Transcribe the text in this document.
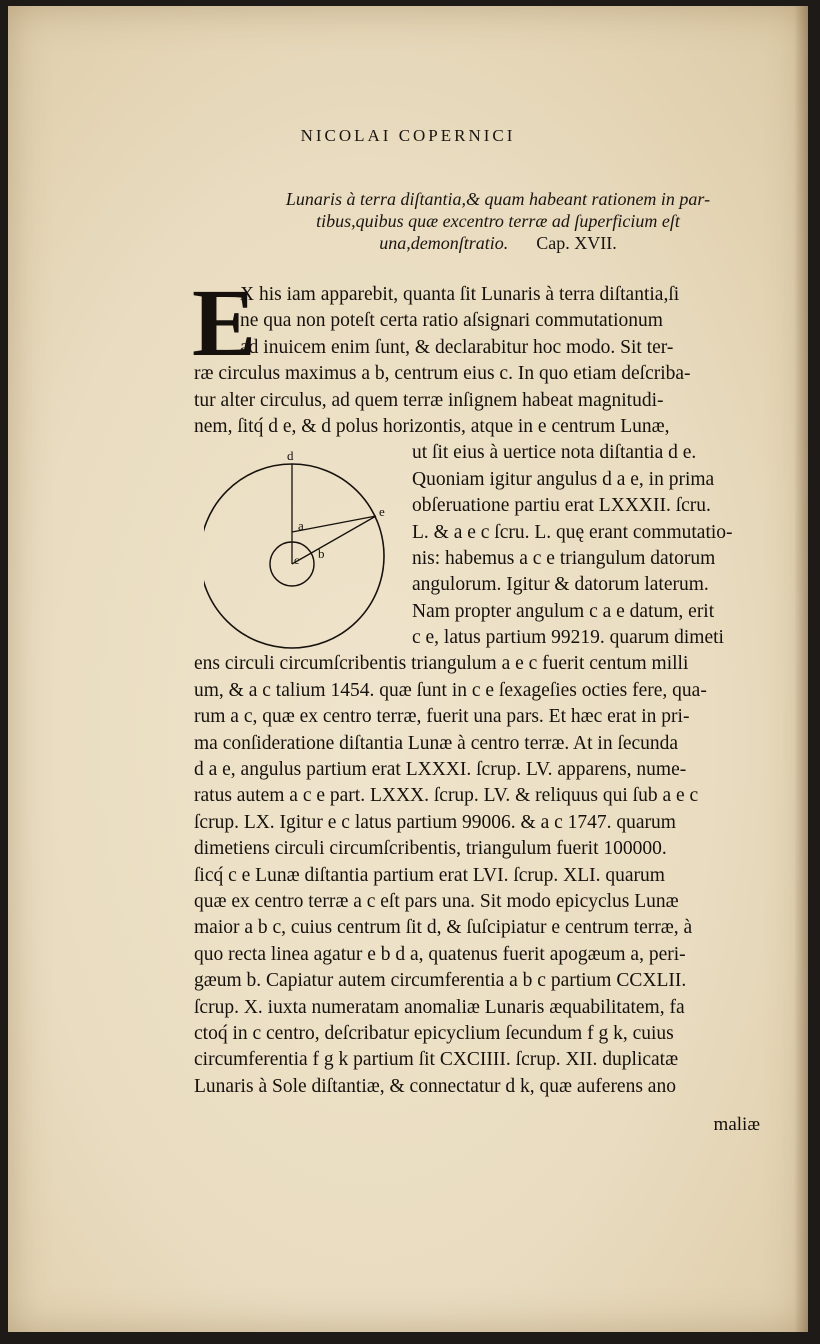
NICOLAI COPERNICI
Lunaris à terra diſtantia,& quam habeant rationem in par-
tibus,quibus quæ excentro terræ ad ſuperficium eſt
una,demonſtratio. Cap. XVII.
E
X his iam apparebit, quanta ſit Lunaris à terra diſtantia,ſi
ne qua non poteſt certa ratio aſsignari commutationum
ad inuicem enim ſunt, & declarabitur hoc modo. Sit ter-
ræ circulus maximus a b, centrum eius c. In quo etiam deſcriba-
tur alter circulus, ad quem terræ inſignem habeat magnitudi-
nem, ſitq́ d e, & d polus horizontis, atque in e centrum Lunæ,
ut ſit eius à uertice nota diſtantia d e.
Quoniam igitur angulus d a e, in prima
obſeruatione partiu erat LXXXII. ſcru.
L. & a e c ſcru. L. quę erant commutatio-
nis: habemus a c e triangulum datorum
angulorum. Igitur & datorum laterum.
Nam propter angulum c a e datum, erit
c e, latus partium 99219. quarum dimeti
ens circuli circumſcribentis triangulum a e c fuerit centum milli
um, & a c talium 1454. quæ ſunt in c e ſexageſies octies fere, qua-
rum a c, quæ ex centro terræ, fuerit una pars. Et hæc erat in pri-
ma conſideratione diſtantia Lunæ à centro terræ. At in ſecunda
d a e, angulus partium erat LXXXI. ſcrup. LV. apparens, nume-
ratus autem a c e part. LXXX. ſcrup. LV. & reliquus qui ſub a e c
ſcrup. LX. Igitur e c latus partium 99006. & a c 1747. quarum
dimetiens circuli circumſcribentis, triangulum fuerit 100000.
ſicq́ c e Lunæ diſtantia partium erat LVI. ſcrup. XLI. quarum
quæ ex centro terræ a c eſt pars una. Sit modo epicyclus Lunæ
maior a b c, cuius centrum ſit d, & ſuſcipiatur e centrum terræ, à
quo recta linea agatur e b d a, quatenus fuerit apogæum a, peri-
gæum b. Capiatur autem circumferentia a b c partium CCXLII.
ſcrup. X. iuxta numeratam anomaliæ Lunaris æquabilitatem, fa
ctoq́ in c centro, deſcribatur epicyclium ſecundum f g k, cuius
circumferentia f g k partium ſit CXCIIII. ſcrup. XII. duplicatæ
Lunaris à Sole diſtantiæ, & connectatur d k, quæ auferens ano
d
e
a
b
c
maliæ
